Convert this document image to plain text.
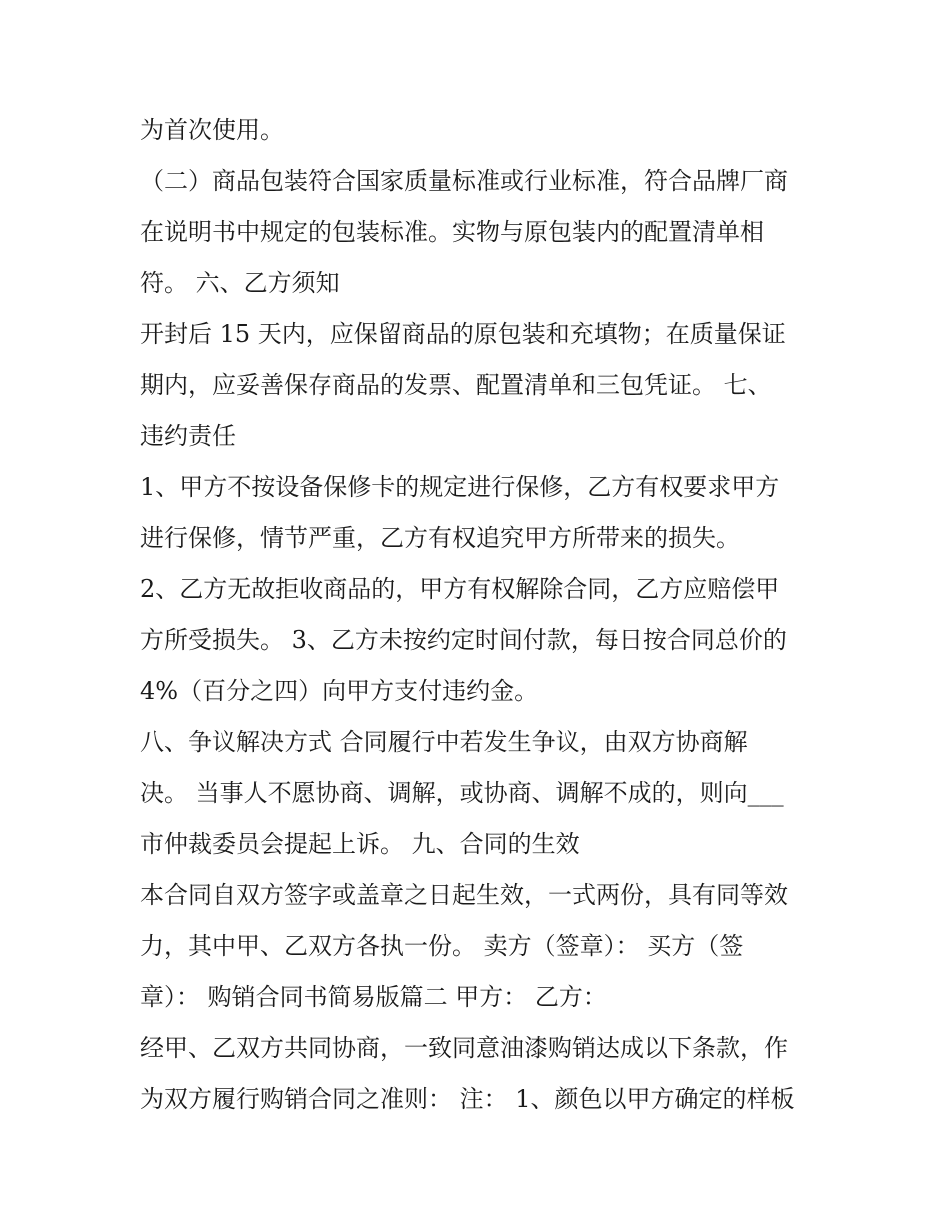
为首次使用。
（二）商品包装符合国家质量标准或行业标准，符合品牌厂商
在说明书中规定的包装标准。实物与原包装内的配置清单相
符。 六、乙方须知
开封后 15 天内，应保留商品的原包装和充填物；在质量保证
期内，应妥善保存商品的发票、配置清单和三包凭证。 七、
违约责任
1、甲方不按设备保修卡的规定进行保修，乙方有权要求甲方
进行保修，情节严重，乙方有权追究甲方所带来的损失。
2、乙方无故拒收商品的，甲方有权解除合同，乙方应赔偿甲
方所受损失。 3、乙方未按约定时间付款，每日按合同总价的
4%（百分之四）向甲方支付违约金。
八、争议解决方式 合同履行中若发生争议，由双方协商解
决。 当事人不愿协商、调解，或协商、调解不成的，则向___
市仲裁委员会提起上诉。 九、合同的生效
本合同自双方签字或盖章之日起生效，一式两份，具有同等效
力，其中甲、乙双方各执一份。 卖方（签章）： 买方（签
章）： 购销合同书简易版篇二 甲方： 乙方：
经甲、乙双方共同协商，一致同意油漆购销达成以下条款，作
为双方履行购销合同之准则： 注： 1、颜色以甲方确定的样板
